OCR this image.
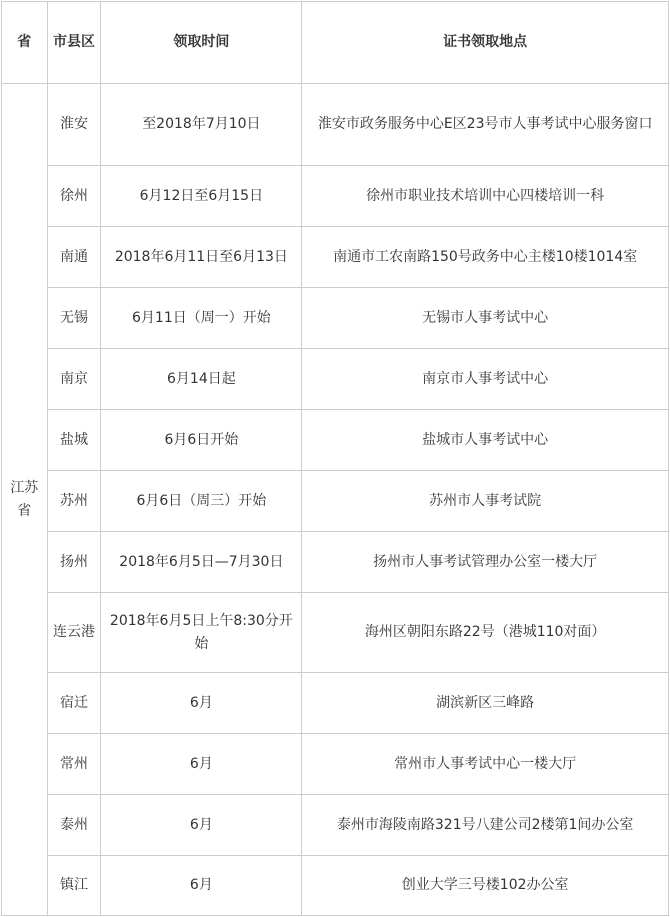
省	市县区	领取时间	证书领取地点
江苏省	淮安	至2018年7月10日	淮安市政务服务中心E区23号市人事考试中心服务窗口
	徐州	6月12日至6月15日	徐州市职业技术培训中心四楼培训一科
	南通	2018年6月11日至6月13日	南通市工农南路150号政务中心主楼10楼1014室
	无锡	6月11日（周一）开始	无锡市人事考试中心
	南京	6月14日起	南京市人事考试中心
	盐城	6月6日开始	盐城市人事考试中心
	苏州	6月6日（周三）开始	苏州市人事考试院
	扬州	2018年6月5日—7月30日	扬州市人事考试管理办公室一楼大厅
	连云港	2018年6月5日上午8:30分开始	海州区朝阳东路22号（港城110对面）
	宿迁	6月	湖滨新区三峰路
	常州	6月	常州市人事考试中心一楼大厅
	泰州	6月	泰州市海陵南路321号八建公司2楼第1间办公室
	镇江	6月	创业大学三号楼102办公室
